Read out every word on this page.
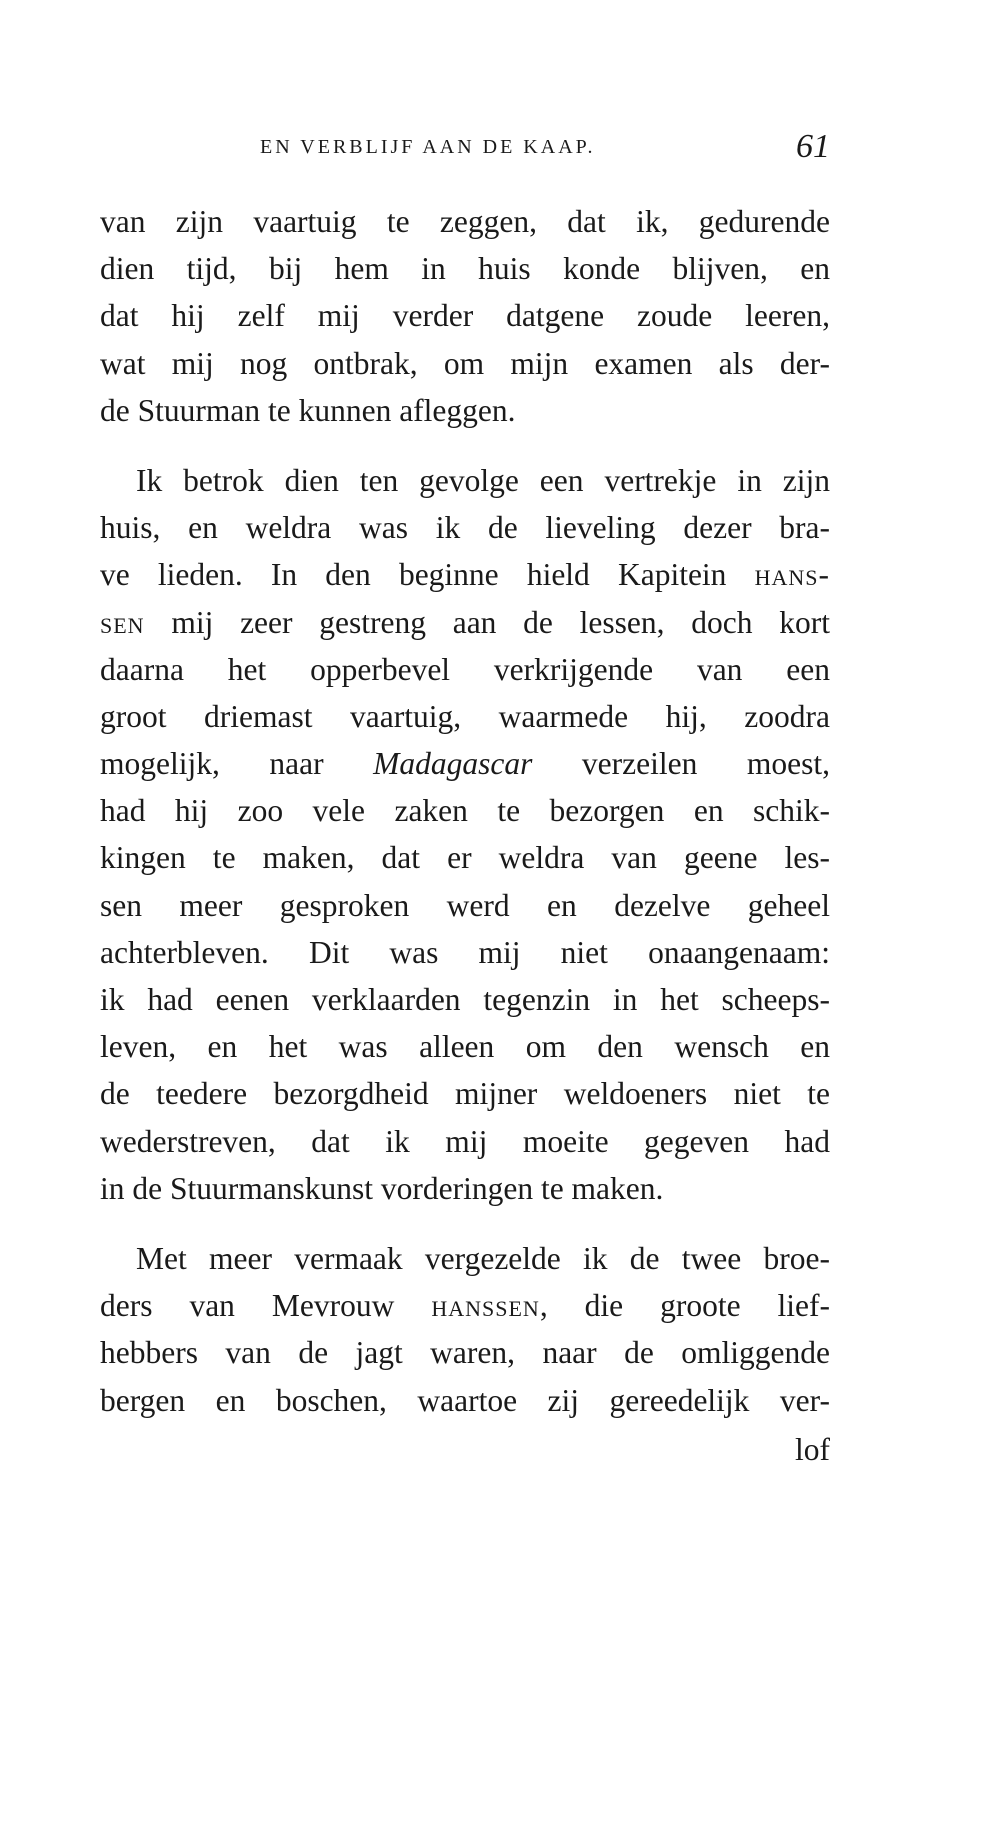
EN VERBLIJF AAN DE KAAP.	61

van zijn vaartuig te zeggen, dat ik, gedurende
dien tijd, bij hem in huis konde blijven, en
dat hij zelf mij verder datgene zoude leeren,
wat mij nog ontbrak, om mijn examen als der-
de Stuurman te kunnen afleggen.

Ik betrok dien ten gevolge een vertrekje in zijn
huis, en weldra was ik de lieveling dezer bra-
ve lieden. In den beginne hield Kapitein hans-
sen mij zeer gestreng aan de lessen, doch kort
daarna het opperbevel verkrijgende van een
groot driemast vaartuig, waarmede hij, zoodra
mogelijk, naar Madagascar verzeilen moest,
had hij zoo vele zaken te bezorgen en schik-
kingen te maken, dat er weldra van geene les-
sen meer gesproken werd en dezelve geheel
achterbleven. Dit was mij niet onaangenaam:
ik had eenen verklaarden tegenzin in het scheeps-
leven, en het was alleen om den wensch en
de teedere bezorgdheid mijner weldoeners niet te
wederstreven, dat ik mij moeite gegeven had
in de Stuurmanskunst vorderingen te maken.

Met meer vermaak vergezelde ik de twee broe-
ders van Mevrouw hanssen, die groote lief-
hebbers van de jagt waren, naar de omliggende
bergen en boschen, waartoe zij gereedelijk ver-

lof
